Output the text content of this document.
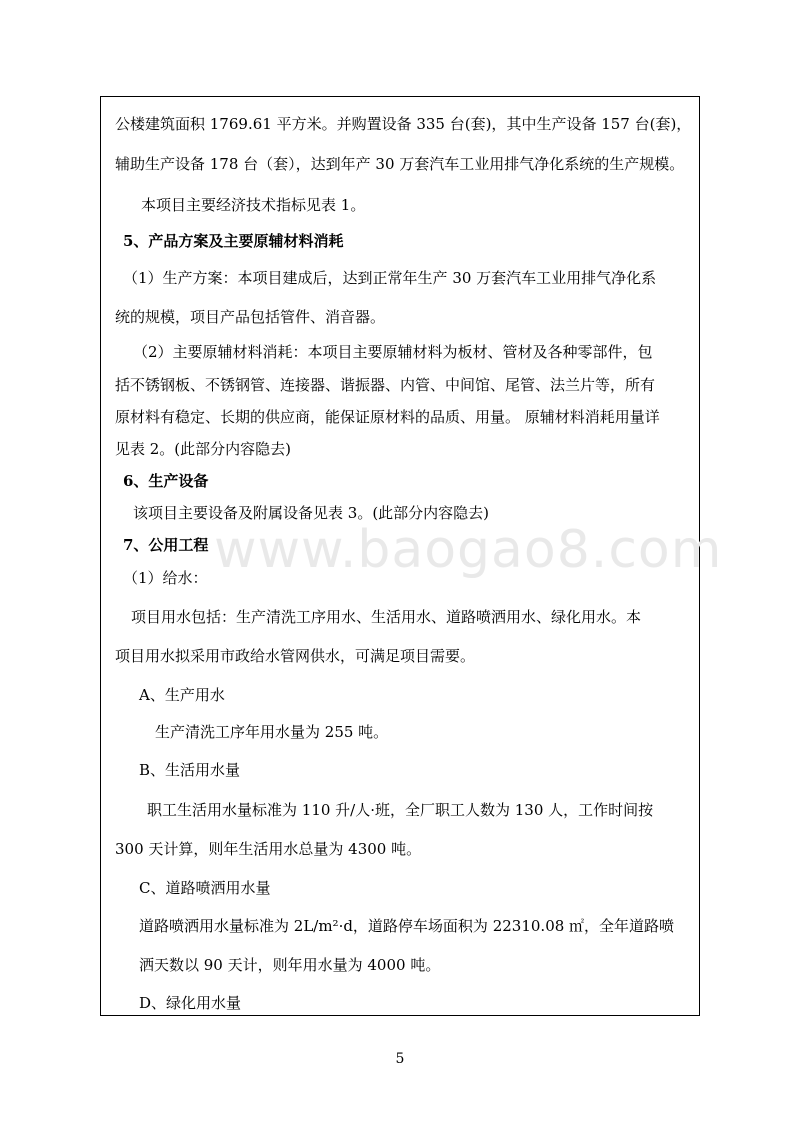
公楼建筑面积 1769.61 平方米。并购置设备 335 台(套)，其中生产设备 157 台(套)，
辅助生产设备 178 台（套），达到年产 30 万套汽车工业用排气净化系统的生产规模。
本项目主要经济技术指标见表 1。
5、产品方案及主要原辅材料消耗
（1）生产方案：本项目建成后，达到正常年生产 30 万套汽车工业用排气净化系
统的规模，项目产品包括管件、消音器。
（2）主要原辅材料消耗：本项目主要原辅材料为板材、管材及各种零部件，包
括不锈钢板、不锈钢管、连接器、谐振器、内管、中间馆、尾管、法兰片等，所有
原材料有稳定、长期的供应商，能保证原材料的品质、用量。 原辅材料消耗用量详
见表 2。(此部分内容隐去)
6、生产设备
该项目主要设备及附属设备见表 3。(此部分内容隐去)
7、公用工程
（1）给水：
项目用水包括：生产清洗工序用水、生活用水、道路喷洒用水、绿化用水。本
项目用水拟采用市政给水管网供水，可满足项目需要。
A、生产用水
生产清洗工序年用水量为 255 吨。
B、生活用水量
职工生活用水量标准为 110 升/人·班，全厂职工人数为 130 人，工作时间按
300 天计算，则年生活用水总量为 4300 吨。
C、道路喷洒用水量
道路喷洒用水量标准为 2L/m²·d，道路停车场面积为 22310.08 ㎡，全年道路喷
洒天数以 90 天计，则年用水量为 4000 吨。
D、绿化用水量
www.baogao8.com
5
